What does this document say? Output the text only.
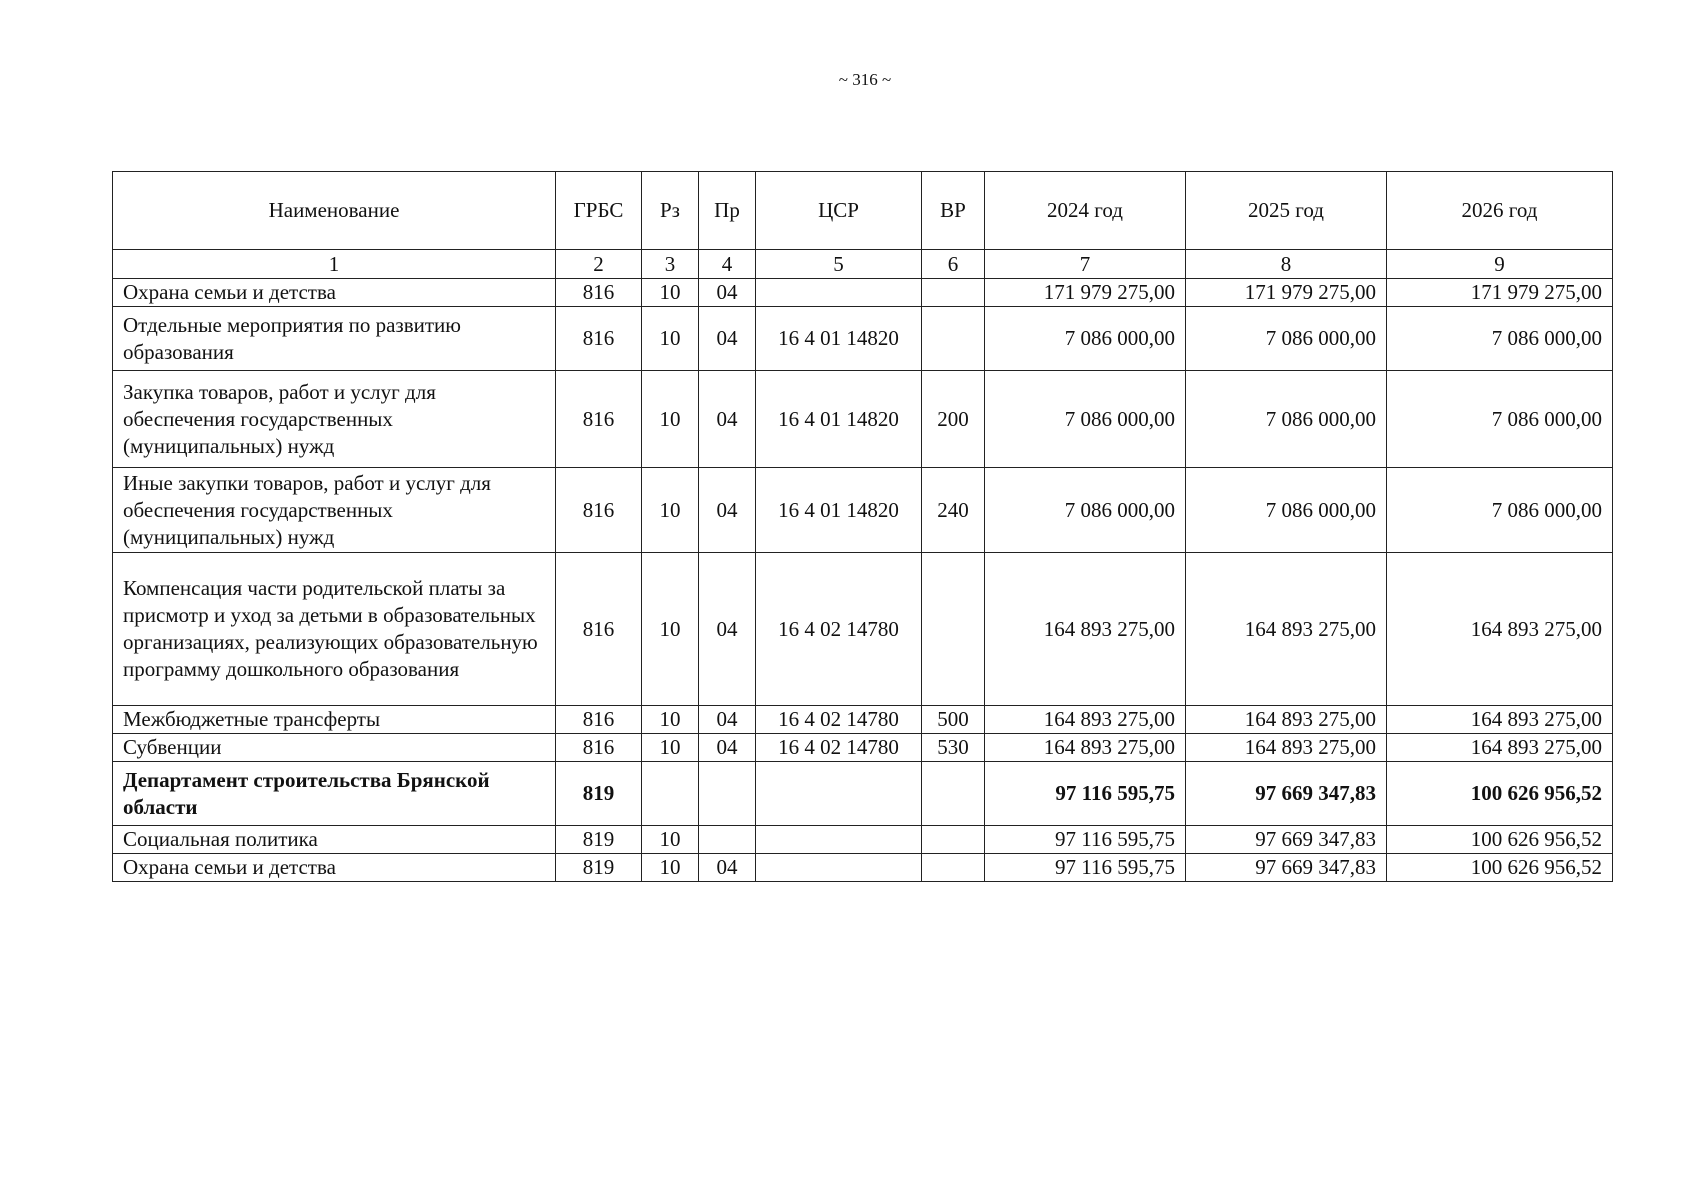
~ 316 ~
Наименование	ГРБС	Рз	Пр	ЦСР	ВР	2024 год	2025 год	2026 год
1	2	3	4	5	6	7	8	9
Охрана семьи и детства	816	10	04			171 979 275,00	171 979 275,00	171 979 275,00
Отдельные мероприятия по развитию образования	816	10	04	16 4 01 14820		7 086 000,00	7 086 000,00	7 086 000,00
Закупка товаров, работ и услуг для обеспечения государственных (муниципальных) нужд	816	10	04	16 4 01 14820	200	7 086 000,00	7 086 000,00	7 086 000,00
Иные закупки товаров, работ и услуг для обеспечения государственных (муниципальных) нужд	816	10	04	16 4 01 14820	240	7 086 000,00	7 086 000,00	7 086 000,00
Компенсация части родительской платы за присмотр и уход за детьми в образовательных организациях, реализующих образовательную программу дошкольного образования	816	10	04	16 4 02 14780		164 893 275,00	164 893 275,00	164 893 275,00
Межбюджетные трансферты	816	10	04	16 4 02 14780	500	164 893 275,00	164 893 275,00	164 893 275,00
Субвенции	816	10	04	16 4 02 14780	530	164 893 275,00	164 893 275,00	164 893 275,00
Департамент строительства Брянской области	819					97 116 595,75	97 669 347,83	100 626 956,52
Социальная политика	819	10				97 116 595,75	97 669 347,83	100 626 956,52
Охрана семьи и детства	819	10	04			97 116 595,75	97 669 347,83	100 626 956,52
